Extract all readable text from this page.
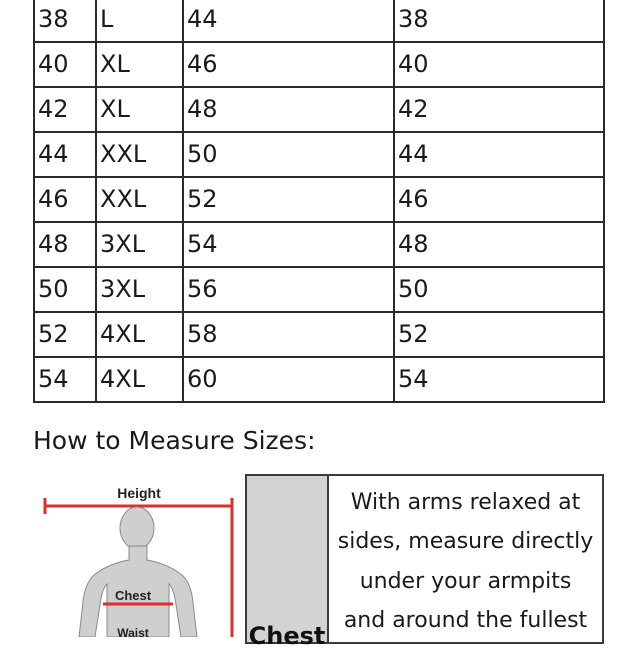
38	L	44	38
40	XL	46	40
42	XL	48	42
44	XXL	50	44
46	XXL	52	46
48	3XL	54	48
50	3XL	56	50
52	4XL	58	52
54	4XL	60	54
How to Measure Sizes:
Height
Chest
Waist	Chest
With arms relaxed at
sides, measure directly
under your armpits
and around the fullest
